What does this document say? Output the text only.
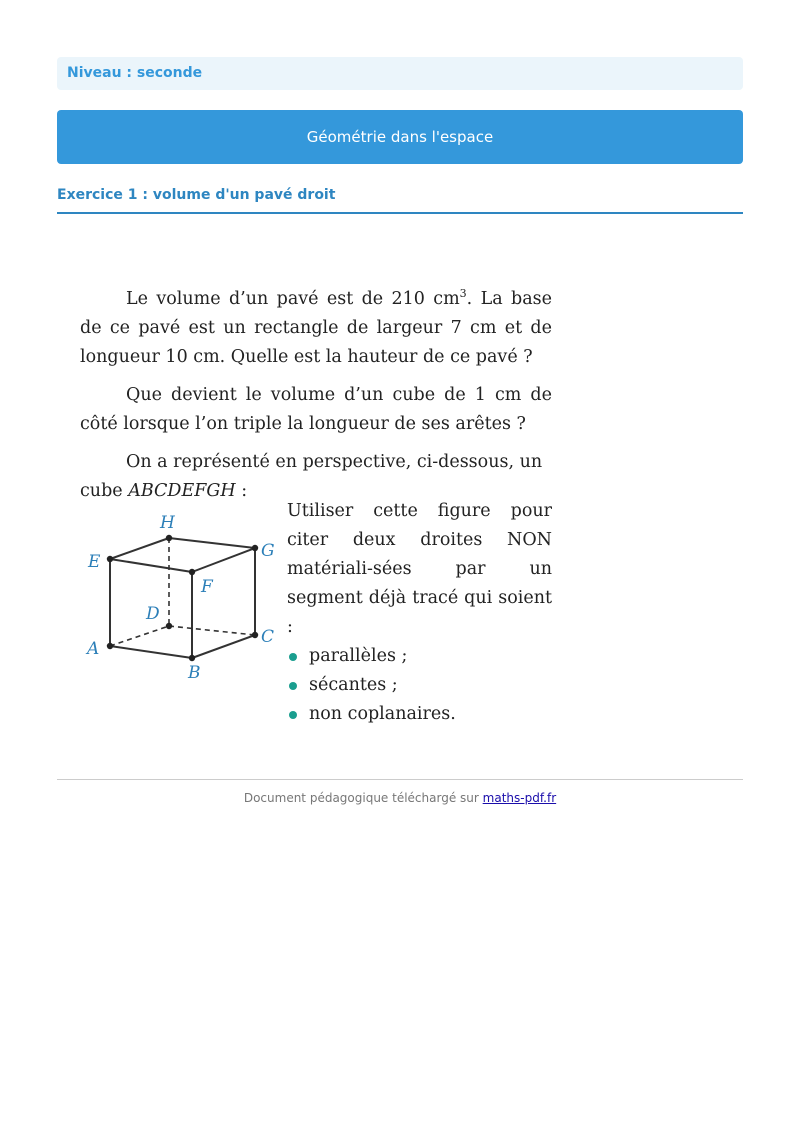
Niveau : seconde
Géométrie dans l'espace
Exercice 1 : volume d'un pavé droit

Le volume d’un pavé est de 210 $cm^3$. La base de ce pavé est un rectangle de largeur 7 cm et de longueur 10 cm. Quelle est la hauteur de ce pavé ?

Que devient le volume d’un cube de 1 cm de côté lorsque l’on triple la longueur de ses arêtes ?

On a représenté en perspective, ci-dessous, un

cube ABCDEFGH :

A
B
C
D
E
F
G
H

Utiliser cette figure pour citer deux droites NON matériali-sées par un segment déjà tracé qui soient :

parallèles ;
sécantes ;
non coplanaires.
Document pédagogique téléchargé sur maths-pdf.fr
